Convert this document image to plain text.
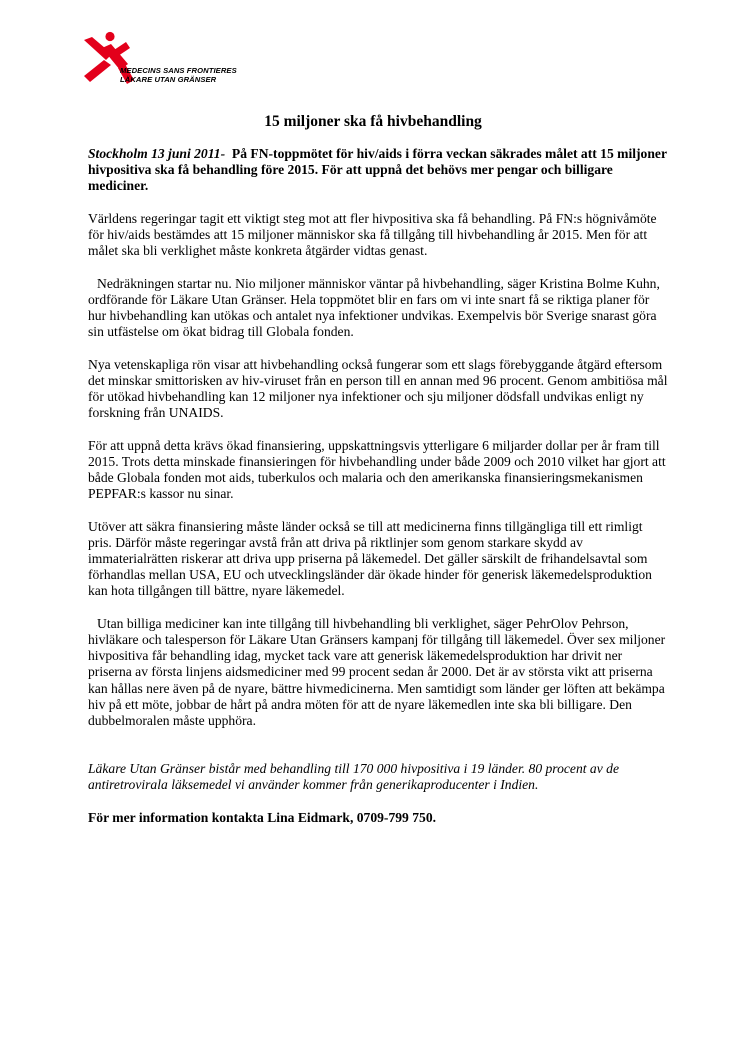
MEDECINS SANS FRONTIERES
LÄKARE UTAN GRÄNSER
15 miljoner ska få hivbehandling

Stockholm 13 juni 2011- På FN-toppmötet för hiv/aids i förra veckan säkrades målet att 15 miljoner hivpositiva ska få behandling före 2015. För att uppnå det behövs mer pengar och billigare mediciner.

Världens regeringar tagit ett viktigt steg mot att fler hivpositiva ska få behandling. På FN:s högnivåmöte för hiv/aids bestämdes att 15 miljoner människor ska få tillgång till hivbehandling år 2015. Men för att målet ska bli verklighet måste konkreta åtgärder vidtas genast.

Nedräkningen startar nu. Nio miljoner människor väntar på hivbehandling, säger Kristina Bolme Kuhn, ordförande för Läkare Utan Gränser. Hela toppmötet blir en fars om vi inte snart få se riktiga planer för hur hivbehandling kan utökas och antalet nya infektioner undvikas. Exempelvis bör Sverige snarast göra sin utfästelse om ökat bidrag till Globala fonden.

Nya vetenskapliga rön visar att hivbehandling också fungerar som ett slags förebyggande åtgärd eftersom det minskar smittorisken av hiv-viruset från en person till en annan med 96 procent. Genom ambitiösa mål för utökad hivbehandling kan 12 miljoner nya infektioner och sju miljoner dödsfall undvikas enligt ny forskning från UNAIDS.

För att uppnå detta krävs ökad finansiering, uppskattningsvis ytterligare 6 miljarder dollar per år fram till 2015. Trots detta minskade finansieringen för hivbehandling under både 2009 och 2010 vilket har gjort att både Globala fonden mot aids, tuberkulos och malaria och den amerikanska finansieringsmekanismen PEPFAR:s kassor nu sinar.

Utöver att säkra finansiering måste länder också se till att medicinerna finns tillgängliga till ett rimligt pris. Därför måste regeringar avstå från att driva på riktlinjer som genom starkare skydd av immaterialrätten riskerar att driva upp priserna på läkemedel. Det gäller särskilt de frihandelsavtal som förhandlas mellan USA, EU och utvecklingsländer där ökade hinder för generisk läkemedelsproduktion kan hota tillgången till bättre, nyare läkemedel.

Utan billiga mediciner kan inte tillgång till hivbehandling bli verklighet, säger PehrOlov Pehrson, hivläkare och talesperson för Läkare Utan Gränsers kampanj för tillgång till läkemedel. Över sex miljoner hivpositiva får behandling idag, mycket tack vare att generisk läkemedelsproduktion har drivit ner priserna av första linjens aidsmediciner med 99 procent sedan år 2000. Det är av största vikt att priserna kan hållas nere även på de nyare, bättre hivmedicinerna. Men samtidigt som länder ger löften att bekämpa hiv på ett möte, jobbar de hårt på andra möten för att de nyare läkemedlen inte ska bli billigare. Den dubbelmoralen måste upphöra.

Läkare Utan Gränser bistår med behandling till 170 000 hivpositiva i 19 länder. 80 procent av de antiretrovirala läksemedel vi använder kommer från generikaproducenter i Indien.

För mer information kontakta Lina Eidmark, 0709-799 750.
